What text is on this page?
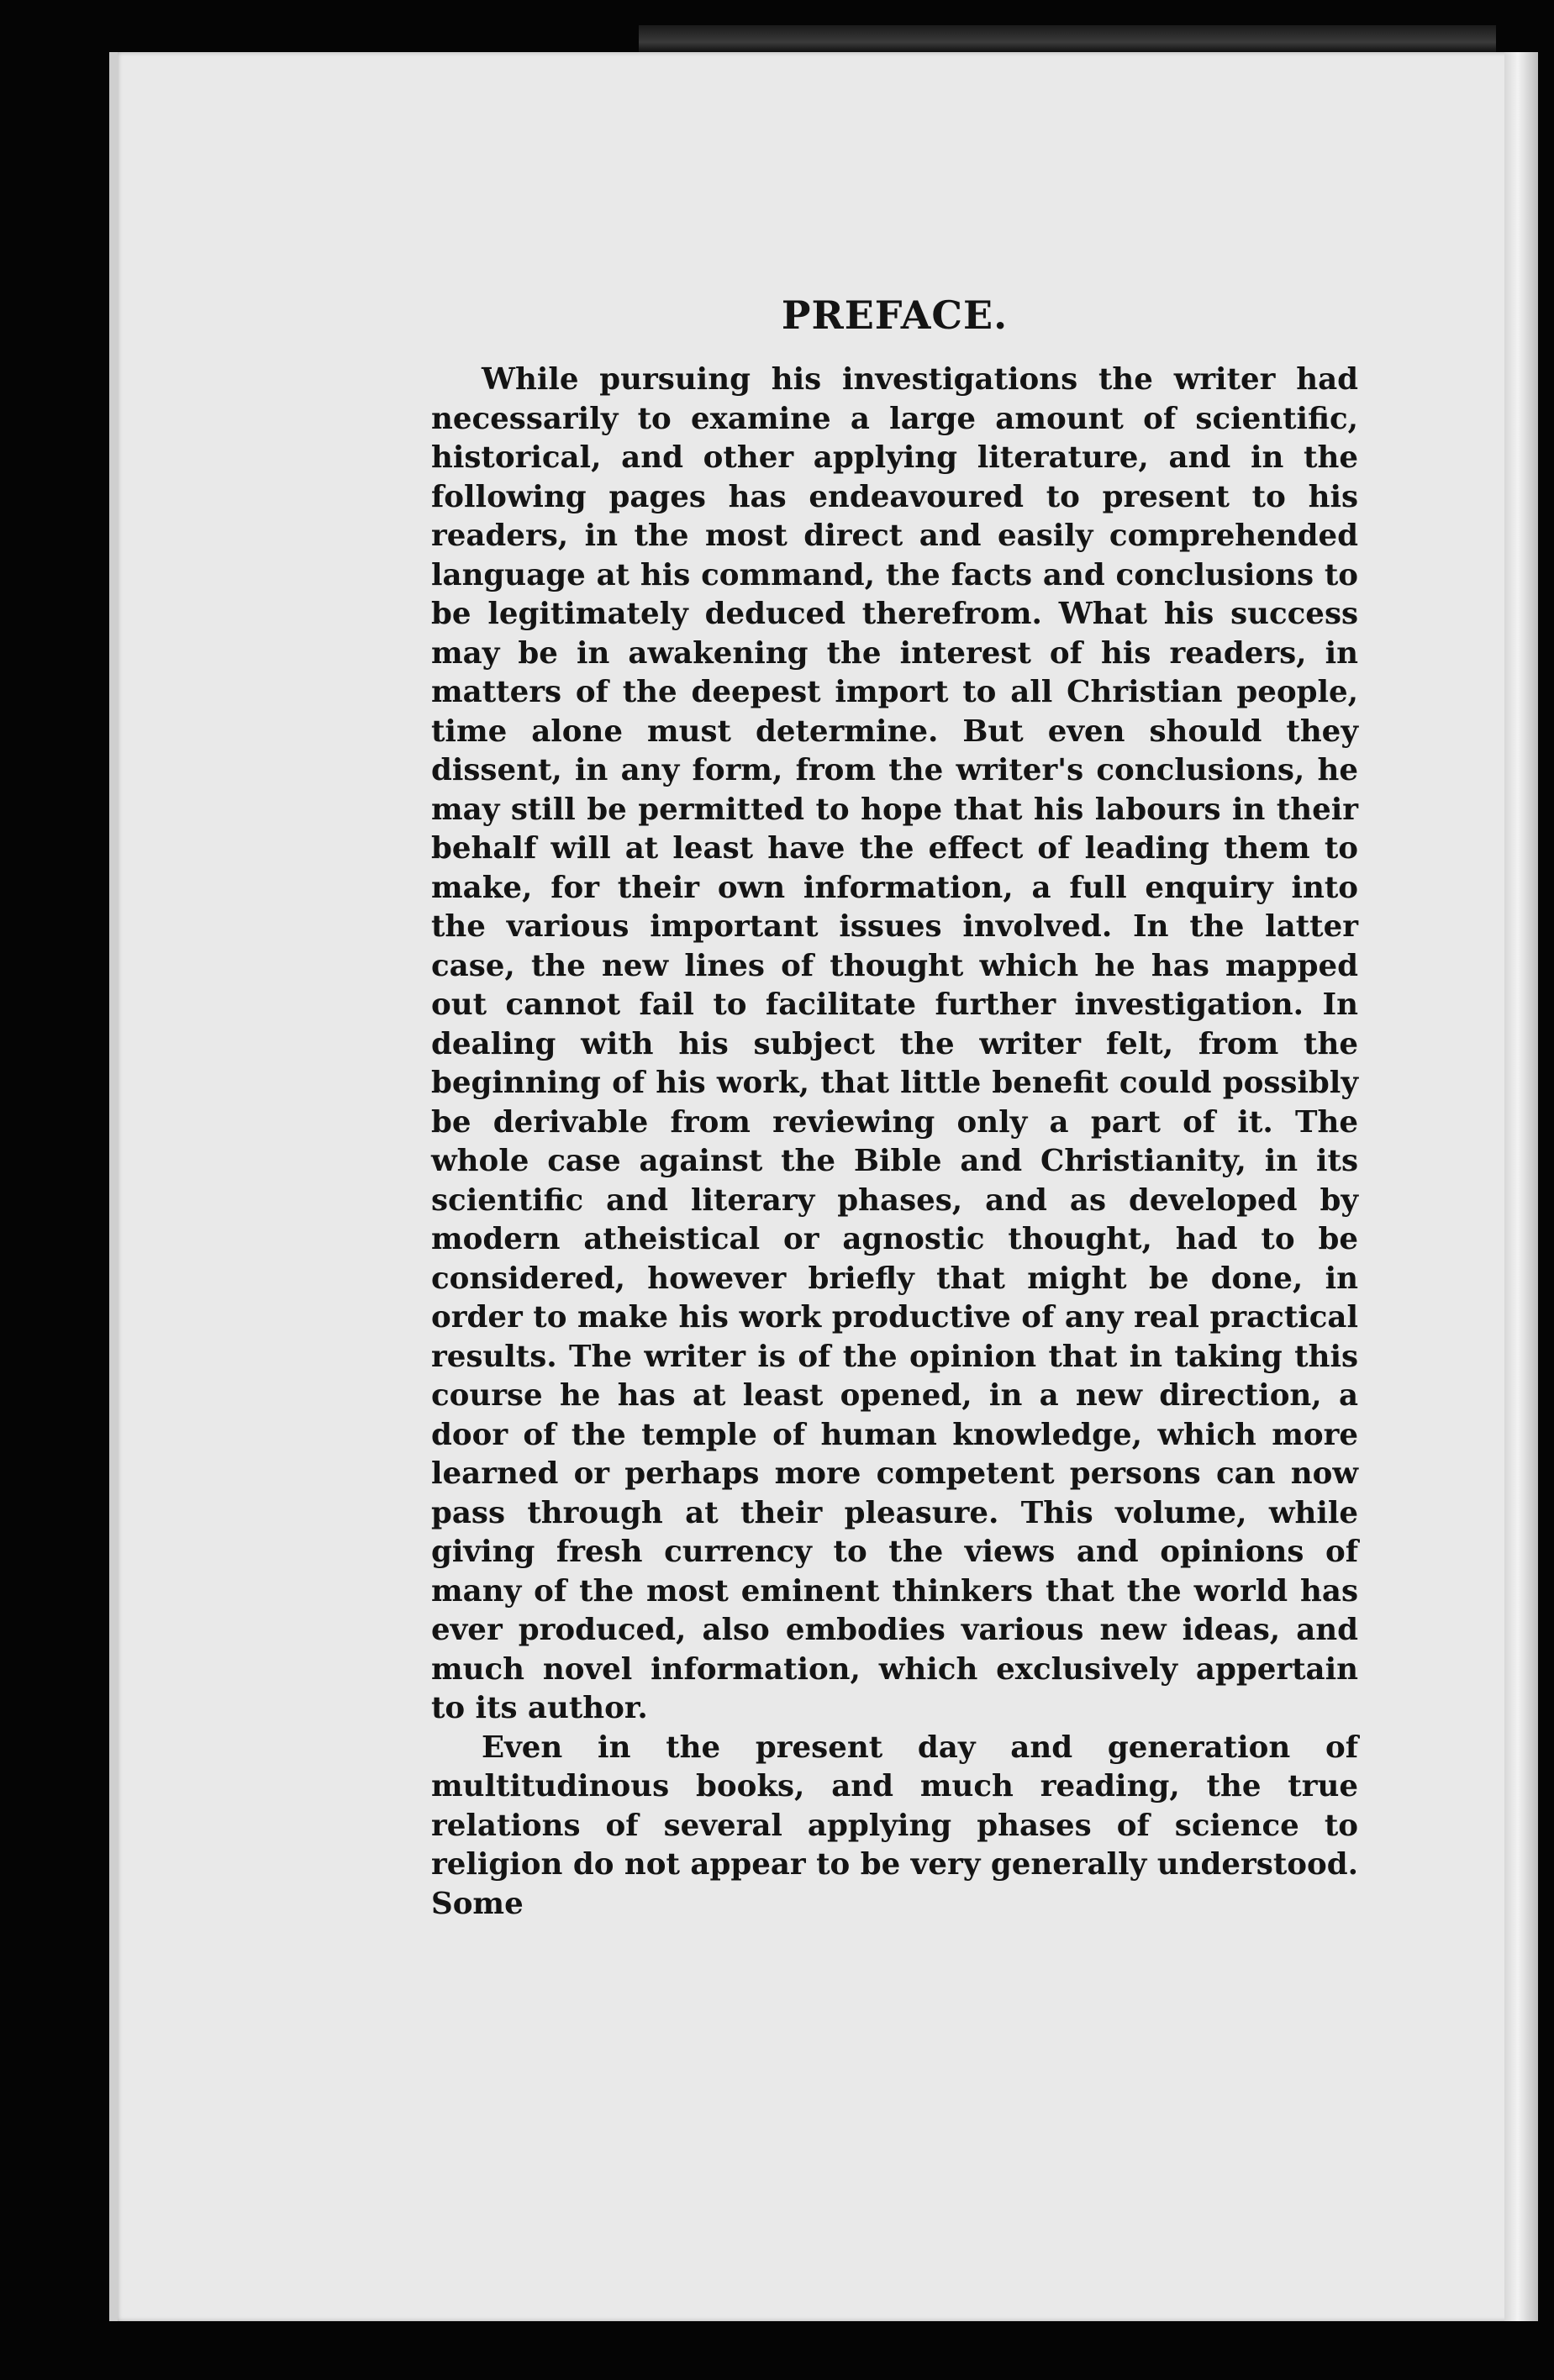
PREFACE.

While pursuing his investigations the writer had necessarily to examine a large amount of scientific, historical, and other applying literature, and in the following pages has endeavoured to present to his readers, in the most direct and easily comprehended language at his command, the facts and conclusions to be legitimately deduced therefrom. What his success may be in awakening the interest of his readers, in matters of the deepest import to all Christian people, time alone must determine. But even should they dissent, in any form, from the writer's conclusions, he may still be permitted to hope that his labours in their behalf will at least have the effect of leading them to make, for their own information, a full enquiry into the various important issues involved. In the latter case, the new lines of thought which he has mapped out cannot fail to facilitate further investigation. In dealing with his subject the writer felt, from the beginning of his work, that little benefit could possibly be derivable from reviewing only a part of it. The whole case against the Bible and Christianity, in its scientific and literary phases, and as developed by modern atheistical or agnostic thought, had to be considered, however briefly that might be done, in order to make his work productive of any real practical results. The writer is of the opinion that in taking this course he has at least opened, in a new direction, a door of the temple of human knowledge, which more learned or perhaps more competent persons can now pass through at their pleasure. This volume, while giving fresh currency to the views and opinions of many of the most eminent thinkers that the world has ever produced, also embodies various new ideas, and much novel information, which exclusively appertain to its author.

Even in the present day and generation of multitudinous books, and much reading, the true relations of several applying phases of science to religion do not appear to be very generally understood. Some
